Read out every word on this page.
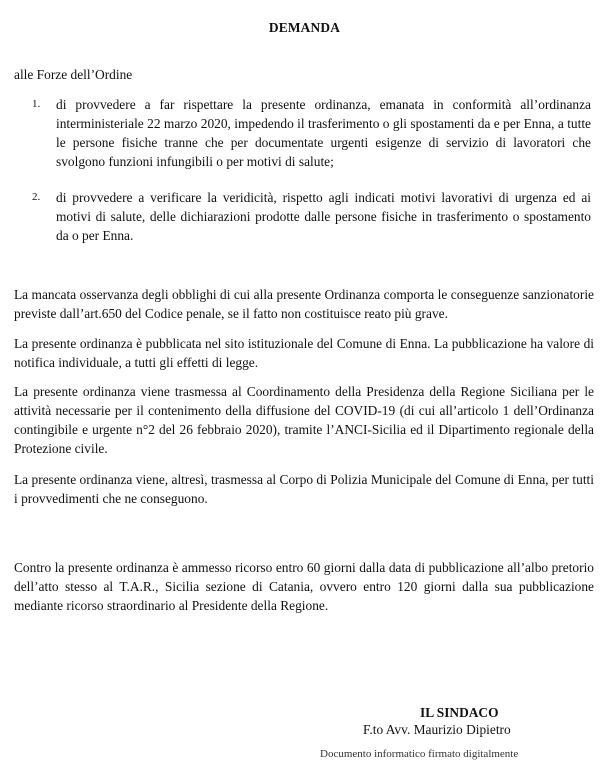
DEMANDA
alle Forze dell’Ordine
1. di provvedere a far rispettare la presente ordinanza, emanata in conformità all’ordinanza interministeriale 22 marzo 2020, impedendo il trasferimento o gli spostamenti da e per Enna, a tutte le persone fisiche tranne che per documentate urgenti esigenze di servizio di lavoratori che svolgono funzioni infungibili o per motivi di salute;
2. di provvedere a verificare la veridicità, rispetto agli indicati motivi lavorativi di urgenza ed ai motivi di salute, delle dichiarazioni prodotte dalle persone fisiche in trasferimento o spostamento da o per Enna.
La mancata osservanza degli obblighi di cui alla presente Ordinanza comporta le conseguenze sanzionatorie previste dall’art.650 del Codice penale, se il fatto non costituisce reato più grave.
La presente ordinanza è pubblicata nel sito istituzionale del Comune di Enna. La pubblicazione ha valore di notifica individuale, a tutti gli effetti di legge.
La presente ordinanza viene trasmessa al Coordinamento della Presidenza della Regione Siciliana per le attività necessarie per il contenimento della diffusione del COVID-19 (di cui all’articolo 1 dell’Ordinanza contingibile e urgente n°2 del 26 febbraio 2020), tramite l’ANCI-Sicilia ed il Dipartimento regionale della Protezione civile.
La presente ordinanza viene, altresì, trasmessa al Corpo di Polizia Municipale del Comune di Enna, per tutti i provvedimenti che ne conseguono.
Contro la presente ordinanza è ammesso ricorso entro 60 giorni dalla data di pubblicazione all’albo pretorio dell’atto stesso al T.A.R., Sicilia sezione di Catania, ovvero entro 120 giorni dalla sua pubblicazione mediante ricorso straordinario al Presidente della Regione.
IL SINDACO
F.to Avv. Maurizio Dipietro
Documento informatico firmato digitalmente
